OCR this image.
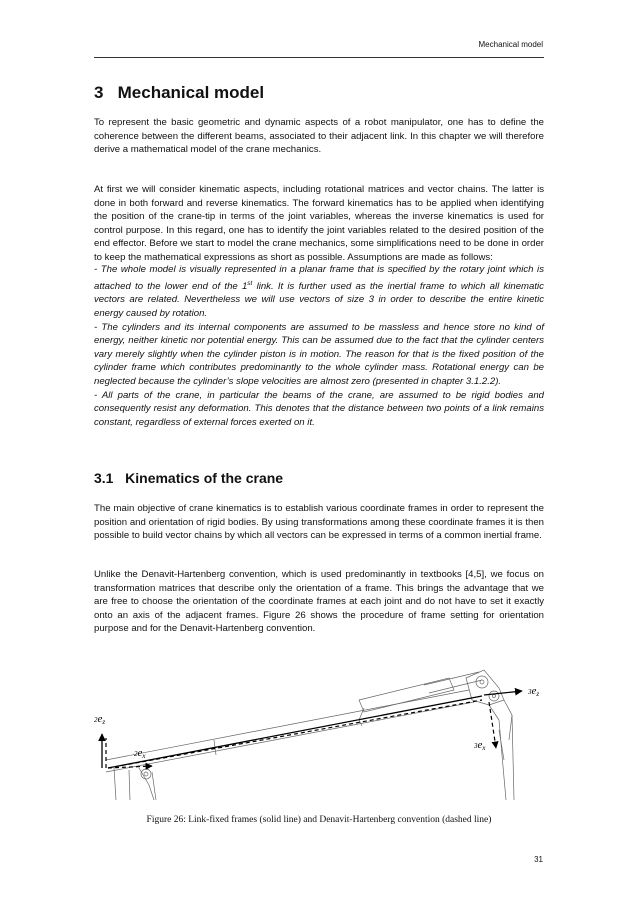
Mechanical model
3 Mechanical model

To represent the basic geometric and dynamic aspects of a robot manipulator, one has to define the coherence between the different beams, associated to their adjacent link. In this chapter we will therefore derive a mathematical model of the crane mechanics.

At first we will consider kinematic aspects, including rotational matrices and vector chains. The latter is done in both forward and reverse kinematics. The forward kinematics has to be applied when identifying the position of the crane-tip in terms of the joint variables, whereas the inverse kinematics is used for control purpose. In this regard, one has to identify the joint variables related to the desired position of the end effector. Before we start to model the crane mechanics, some simplifications need to be done in order to keep the mathematical expressions as short as possible. Assumptions are made as follows:

- The whole model is visually represented in a planar frame that is specified by the rotary joint which is attached to the lower end of the 1st link. It is further used as the inertial frame to which all kinematic vectors are related. Nevertheless we will use vectors of size 3 in order to describe the entire kinetic energy caused by rotation.

- The cylinders and its internal components are assumed to be massless and hence store no kind of energy, neither kinetic nor potential energy. This can be assumed due to the fact that the cylinder centers vary merely slightly when the cylinder piston is in motion. The reason for that is the fixed position of the cylinder frame which contributes predominantly to the whole cylinder mass. Rotational energy can be neglected because the cylinder’s slope velocities are almost zero (presented in chapter 3.1.2.2).

- All parts of the crane, in particular the beams of the crane, are assumed to be rigid bodies and consequently resist any deformation. This denotes that the distance between two points of a link remains constant, regardless of external forces exerted on it.

3.1 Kinematics of the crane

The main objective of crane kinematics is to establish various coordinate frames in order to represent the position and orientation of rigid bodies. By using transformations among these coordinate frames it is then possible to build vector chains by which all vectors can be expressed in terms of a common inertial frame.

Unlike the Denavit-Hartenberg convention, which is used predominantly in textbooks [4,5], we focus on transformation matrices that describe only the orientation of a frame. This brings the advantage that we are free to choose the orientation of the coordinate frames at each joint and do not have to set it exactly onto an axis of the adjacent frames. Figure 26 shows the procedure of frame setting for orientation purpose and for the Denavit-Hartenberg convention.

2ez
2ex
3ex
3ez
Figure 26: Link-fixed frames (solid line) and Denavit-Hartenberg convention (dashed line)
31
